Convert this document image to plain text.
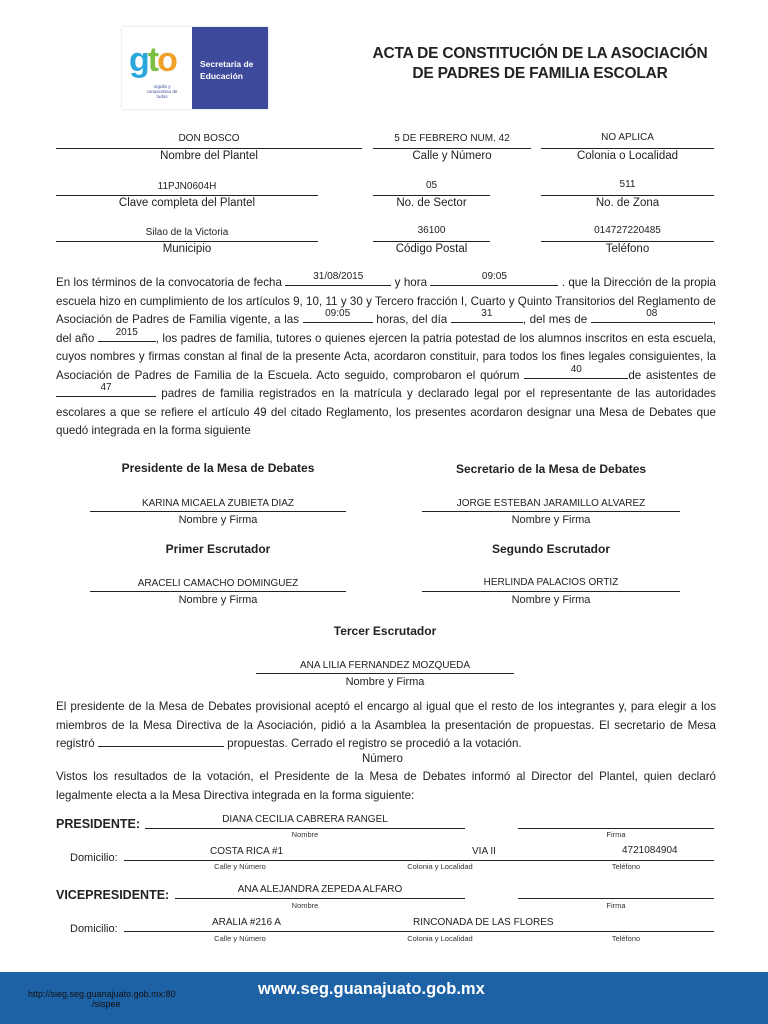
gto
orgullo y compromiso de todos
Secretaría de
Educación
ACTA DE CONSTITUCIÓN DE LA ASOCIACIÓN
DE PADRES DE FAMILIA ESCOLAR
DON BOSCO
Nombre del Plantel
5 DE FEBRERO NUM. 42
Calle y Número
NO APLICA
Colonia o Localidad
11PJN0604H
Clave completa del Plantel
05
No. de Sector
511
No. de Zona
Silao de la Victoria
Municipio
36100
Código Postal
014727220485
Teléfono
En los términos de la convocatoria de fecha	31/08/2015	y hora	09:05	. que la Dirección de la propia escuela hizo en cumplimiento de los artículos 9, 10, 11 y 30 y Tercero fracción I, Cuarto y Quinto Transitorios del Reglamento de Asociación de Padres de Familia vigente, a las	09:05	horas, del día	31	, del mes de	08	, del año	2015	, los padres de familia, tutores o quienes ejercen la patria potestad de los alumnos inscritos en esta escuela, cuyos nombres y firmas constan al final de la presente Acta, acordaron constituir, para todos los fines legales consiguientes, la Asociación de Padres de Familia de la Escuela. Acto seguido, comprobaron el quórum	40	de asistentes de
47	padres de familia registrados en la matrícula y declarado legal por el representante de las autoridades escolares a que se refiere el artículo 49 del citado Reglamento, los presentes acordaron designar una Mesa de Debates que quedó integrada en la forma siguiente
Presidente de la Mesa de Debates
KARINA MICAELA ZUBIETA DIAZ
Nombre y Firma
Secretario de la Mesa de Debates
JORGE ESTEBAN JARAMILLO ALVAREZ
Nombre y Firma
Primer Escrutador
ARACELI CAMACHO DOMINGUEZ
Nombre y Firma
Segundo Escrutador
HERLINDA PALACIOS ORTIZ
Nombre y Firma
Tercer Escrutador
ANA LILIA FERNANDEZ MOZQUEDA
Nombre y Firma
El presidente de la Mesa de Debates provisional aceptó el encargo al igual que el resto de los integrantes y, para elegir a los miembros de la Mesa Directiva de la Asociación, pidió a la Asamblea la presentación de propuestas. El secretario de Mesa registró	propuestas. Cerrado el registro se procedió a la votación.
Número
Vistos los resultados de la votación, el Presidente de la Mesa de Debates informó al Director del Plantel, quien declaró legalmente electa a la Mesa Directiva integrada en la forma siguiente:
PRESIDENTE:	DIANA CECILIA CABRERA RANGEL
Nombre	Firma
Domicilio:
COSTA RICA #1	VIA II	4721084904
Calle y Número	Colonia y Localidad	Teléfono
VICEPRESIDENTE:	ANA ALEJANDRA ZEPEDA ALFARO
Nombre	Firma
Domicilio:
ARALIA #216 A	RINCONADA DE LAS FLORES
Calle y Número	Colonia y Localidad	Teléfono
www.seg.guanajuato.gob.mx
http://sieg.seg.guanajuato.gob.mx:80
/sispee
